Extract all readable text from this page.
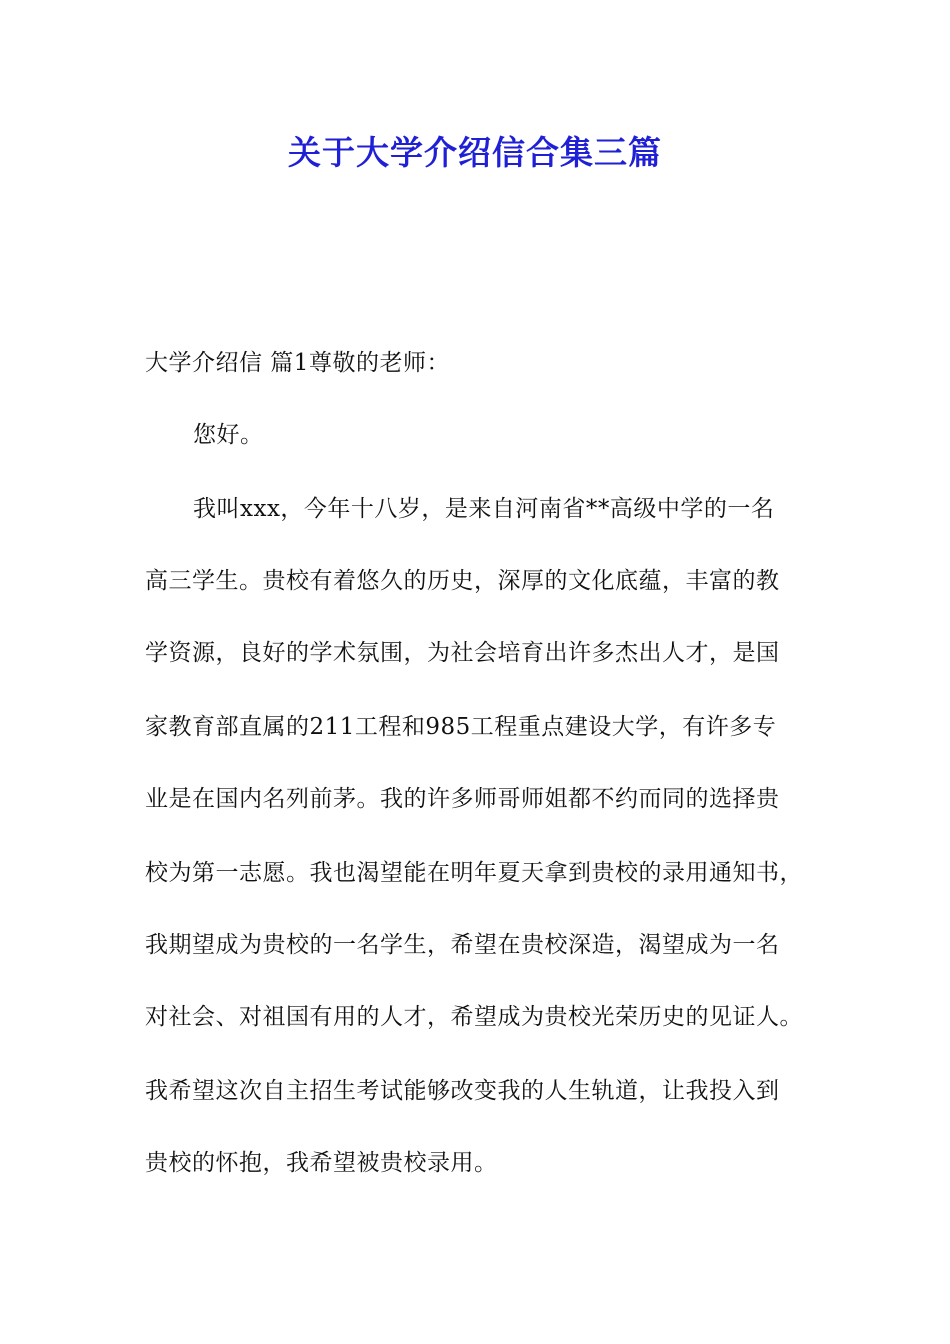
关于大学介绍信合集三篇
大学介绍信 篇1尊敬的老师：
您好。
我叫xxx，今年十八岁，是来自河南省**高级中学的一名
高三学生。贵校有着悠久的历史，深厚的文化底蕴，丰富的教
学资源，良好的学术氛围，为社会培育出许多杰出人才，是国
家教育部直属的211工程和985工程重点建设大学，有许多专
业是在国内名列前茅。我的许多师哥师姐都不约而同的选择贵
校为第一志愿。我也渴望能在明年夏天拿到贵校的录用通知书，
我期望成为贵校的一名学生，希望在贵校深造，渴望成为一名
对社会、对祖国有用的人才，希望成为贵校光荣历史的见证人。
我希望这次自主招生考试能够改变我的人生轨道，让我投入到
贵校的怀抱，我希望被贵校录用。
